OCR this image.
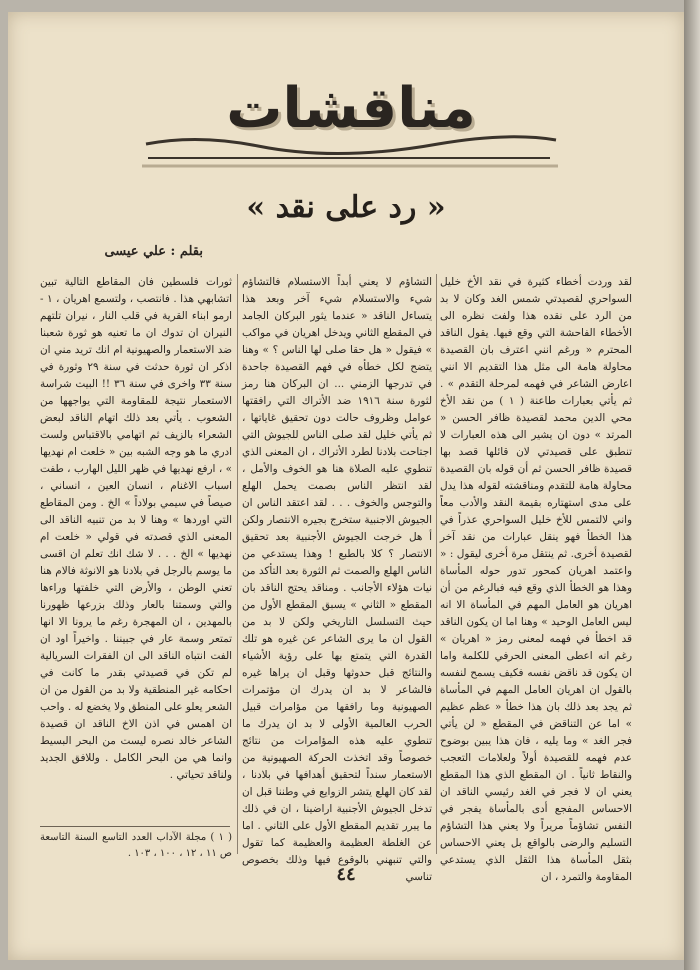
مناقشات
« رد على نقد »
بقلم : علي عيسى

لقد وردت أخطاء كثيرة في نقد الأخ خليل السواحري لقصيدتي شمس الغد وكان لا بد من الرد على نقده هذا ولفت نظره الى الأخطاء الفاحشة التي وقع فيها. يقول الناقد المحترم « ورغم انني اعترف بان القصيدة محاولة هامة الى مثل هذا التقديم الا انني اعارض الشاعر في فهمه لمرحلة التقدم » . ثم يأتي بعبارات طاعنة ( ١ ) من نقد الأخ محي الدين محمد لقصيدة ظافر الحسن « المرتد » دون ان يشير الى هذه العبارات لا تنطبق على قصيدتي لان قائلها قصد بها قصيدة ظافر الحسن ثم أن قوله بان القصيدة محاولة هامة للتقدم ومناقشته لقوله هذا يدل على مدى استهتاره بقيمة النقد والأدب معاً واني لالتمس للأخ خليل السواحري عذراً في هذا الخطأ فهو ينقل عبارات من نقد آخر لقصيدة أخرى. ثم ينتقل مرة أخرى ليقول : « واعتمد اهريان كمحور تدور حوله المأساة وهذا هو الخطأ الذي وقع فيه فبالرغم من أن اهريان هو العامل المهم في المأساة الا انه ليس العامل الوحيد » وهنا اما ان يكون الناقد قد اخطأ في فهمه لمعنى رمز « اهريان » رغم انه اعطى المعنى الحرفي للكلمة واما ان يكون قد ناقض نفسه فكيف يسمح لنفسه بالقول ان اهريان العامل المهم في المأساة ثم يجد بعد ذلك بان هذا خطأ « عظم عظيم » اما عن التناقض في المقطع « لن يأتي فجر الغد » وما يليه ، فان هذا يبين بوضوح عدم فهمه للقصيدة أولاً ولعلامات التعجب والنقاط ثانياً . ان المقطع الذي هذا المقطع يعني ان لا فجر في الغد رئيسي الناقد ان الاحساس المفجع أدى بالمأساة يفجر في النفس تشاؤماً مريراً ولا يعني هذا التشاؤم التسليم والرضى بالواقع بل يعني الاحساس بثقل المأساة هذا الثقل الذي يستدعي المقاومة والتمرد ، ان

التشاؤم لا يعني أبداً الاستسلام فالتشاؤم شيء والاستسلام شيء آخر وبعد هذا يتساءل الناقد « عندما يثور البركان الجامد في المقطع الثاني ويدخل اهريان في مواكب » فيقول « هل حقا صلى لها الناس ؟ » وهنا يتضح لكل خطأه في فهم القصيدة جاحدة في تدرجها الزمني ... ان البركان هنا رمز لثورة سنة ١٩١٦ ضد الأتراك التي رافقتها عوامل وظروف حالت دون تحقيق غاياتها ، ثم يأتي خليل لقد صلى الناس للجيوش التي اجتاحت بلادنا لطرد الأتراك ، ان المعنى الذي تنطوي عليه الصلاة هنا هو الخوف والأمل ، لقد انتظر الناس بصمت يحمل الهلع والتوجس والخوف . . . لقد اعتقد الناس ان الجيوش الاجنبية ستخرج بجيره الانتصار ولكن أ هل خرجت الجيوش الأجنبية بعد تحقيق الانتصار ؟ كلا بالطبع ! وهذا يستدعي من الناس الهلع والصمت ثم الثورة بعد التأكد من نيات هؤلاء الأجانب . ومناقد يحتج الناقد بان المقطع « الثاني » يسبق المقطع الأول من حيث التسلسل التاريخي ولكن لا بد من القول ان ما يرى الشاعر عن غيره هو تلك القدرة التي يتمتع بها على رؤية الأشياء والنتائج قبل حدوثها وقبل ان يراها غيره فالشاعر لا بد ان يدرك ان مؤتمرات الصهيونية وما رافقها من مؤامرات قبيل الحرب العالمية الأولى لا بد ان يدرك ما تنطوي عليه هذه المؤامرات من نتائج خصوصاً وقد اتخذت الحركة الصهيونية من الاستعمار سنداً لتحقيق أهدافها في بلادنا ، لقد كان الهلع يتشر الزوايع في وطننا قبل ان تدخل الجيوش الأجنبية اراضينا ، ان في ذلك ما يبرر تقديم المقطع الأول على الثاني . اما عن الغلطة العظيمة والعظيمة كما تقول والتي تنبهني بالوقوع فيها وذلك بخصوص تناسي

ثورات فلسطين فان المقاطع التالية تبين اتشابهي هذا . فانتصب ، ولتسمع اهريان ، ١ - ارمو ابناء القرية في قلب النار ، نيران تلتهم النيران ان تدوك ان ما تعنيه هو ثورة شعبنا ضد الاستعمار والصهيونية ام انك تريد مني ان اذكر ان ثورة حدثت في سنة ٢٩ وثورة في سنة ٣٣ واخرى في سنة ٣٦ !! البيت شراسة الاستعمار نتيجة للمقاومة التي يواجهها من الشعوب . يأتي بعد ذلك اتهام الناقد لبعض الشعراء بالزيف ثم اتهامي بالاقتباس ولست ادري ما هو وجه الشبه بين « خلعت ام نهديها » ، ارفع نهديها في ظهر الليل الهارب ، طفت اسباب الاغنام ، انسان العين ، انساني ، صيصاً في سيمي بولاداً » الخ . ومن المقاطع التي اوردها » وهنا لا بد من تنبيه الناقد الى المعنى الذي قصدته في قولي « خلعت ام نهديها » الخ . . . لا شك انك تعلم ان اقسى ما يوسم بالرجل في بلادنا هو الانوثة فالام هنا تعني الوطن ، والأرض التي خلفتها وراءها والتي وسمتنا بالعار وذلك بزرعها ظهورنا بالمهدين ، ان المهجرة رغم ما يرونا الا انها تمتعر وسمة عار في جبيننا . واخيراً اود ان الفت انتباه الناقد الى ان الفقرات السريالية لم تكن في قصيدتي بقدر ما كانت في احكامه غير المنطقية ولا بد من القول من ان الشعر يعلو على المنطق ولا يخضع له . واحب ان اهمس في اذن الاخ الناقد ان قصيدة الشاعر خالد نصره ليست من البحر البسيط وانما هي من البحر الكامل . وللافق الجديد ولناقد تحياتي .

( ١ ) مجلة الآداب العدد التاسع السنة التاسعة ص ١١ ، ١٢ ، ١٠٠ ، ١٠٣ .
٤٤
